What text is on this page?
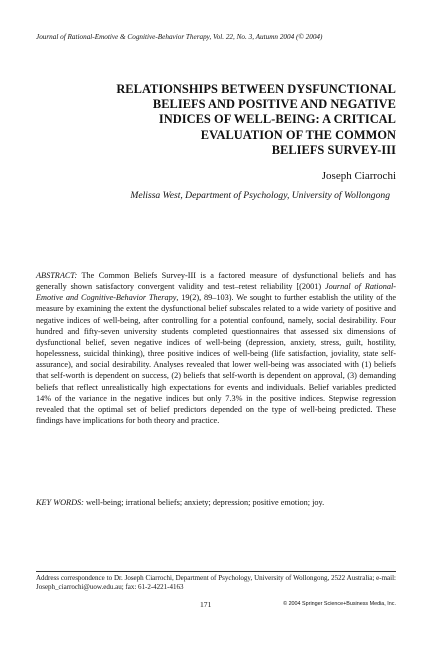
Journal of Rational-Emotive & Cognitive-Behavior Therapy, Vol. 22, No. 3, Autumn 2004 (© 2004)
RELATIONSHIPS BETWEEN DYSFUNCTIONAL
BELIEFS AND POSITIVE AND NEGATIVE
INDICES OF WELL-BEING: A CRITICAL
EVALUATION OF THE COMMON
BELIEFS SURVEY-III
Joseph Ciarrochi
Melissa West, Department of Psychology, University of Wollongong
ABSTRACT: The Common Beliefs Survey-III is a factored measure of dysfunctional beliefs and has generally shown satisfactory convergent validity and test–retest reliability [(2001) Journal of Rational-Emotive and Cognitive-Behavior Therapy, 19(2), 89–103). We sought to further establish the utility of the measure by examining the extent the dysfunctional belief subscales related to a wide variety of positive and negative indices of well-being, after controlling for a potential confound, namely, social desirability. Four hundred and fifty-seven university students completed questionnaires that assessed six dimensions of dysfunctional belief, seven negative indices of well-being (depression, anxiety, stress, guilt, hostility, hopelessness, suicidal thinking), three positive indices of well-being (life satisfaction, joviality, state self-assurance), and social desirability. Analyses revealed that lower well-being was associated with (1) beliefs that self-worth is dependent on success, (2) beliefs that self-worth is dependent on approval, (3) demanding beliefs that reflect unrealistically high expectations for events and individuals. Belief variables predicted 14% of the variance in the negative indices but only 7.3% in the positive indices. Stepwise regression revealed that the optimal set of belief predictors depended on the type of well-being predicted. These findings have implications for both theory and practice.
KEY WORDS: well-being; irrational beliefs; anxiety; depression; positive emotion; joy.
Address correspondence to Dr. Joseph Ciarrochi, Department of Psychology, University of Wollongong, 2522 Australia; e-mail: Joseph_ciarrochi@uow.edu.au; fax: 61-2-4221-4163
171	© 2004 Springer Science+Business Media, Inc.
